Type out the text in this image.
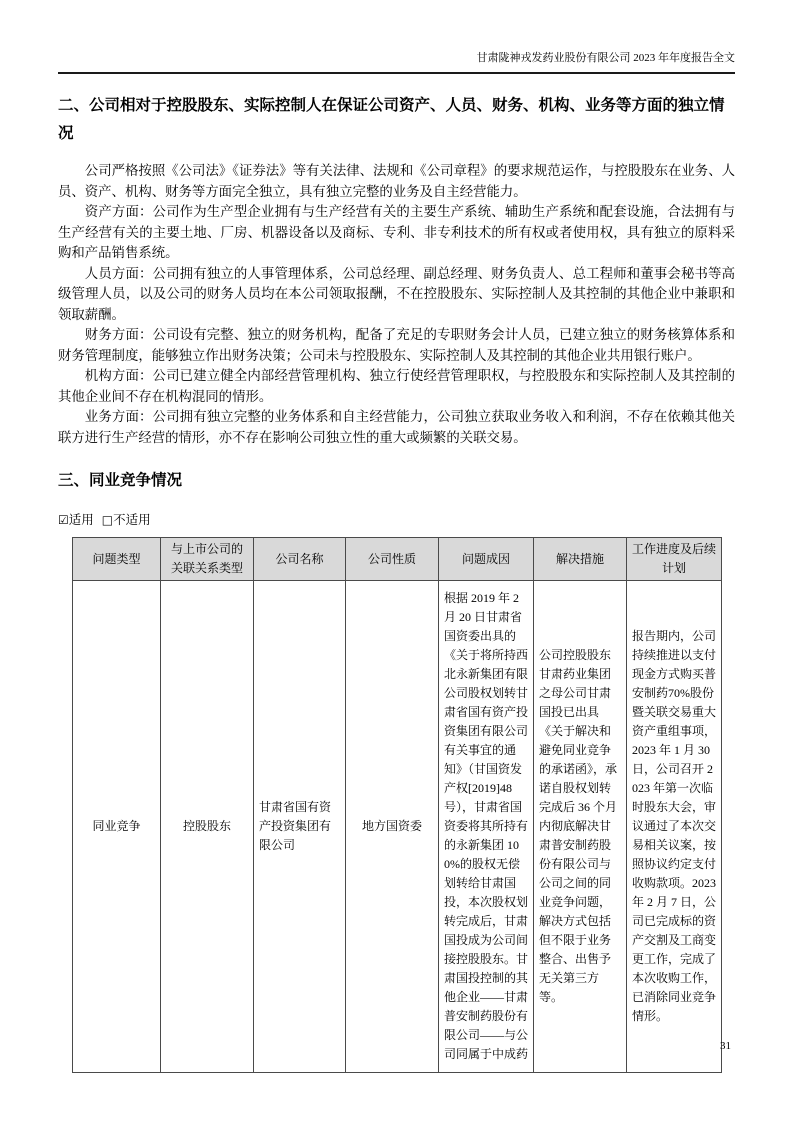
甘肃陇神戎发药业股份有限公司 2023 年年度报告全文
二、公司相对于控股股东、实际控制人在保证公司资产、人员、财务、机构、业务等方面的独立情况

公司严格按照《公司法》《证券法》等有关法律、法规和《公司章程》的要求规范运作，与控股股东在业务、人员、资产、机构、财务等方面完全独立，具有独立完整的业务及自主经营能力。

资产方面：公司作为生产型企业拥有与生产经营有关的主要生产系统、辅助生产系统和配套设施，合法拥有与生产经营有关的主要土地、厂房、机器设备以及商标、专利、非专利技术的所有权或者使用权，具有独立的原料采购和产品销售系统。

人员方面：公司拥有独立的人事管理体系，公司总经理、副总经理、财务负责人、总工程师和董事会秘书等高级管理人员，以及公司的财务人员均在本公司领取报酬，不在控股股东、实际控制人及其控制的其他企业中兼职和领取薪酬。

财务方面：公司设有完整、独立的财务机构，配备了充足的专职财务会计人员，已建立独立的财务核算体系和财务管理制度，能够独立作出财务决策；公司未与控股股东、实际控制人及其控制的其他企业共用银行账户。

机构方面：公司已建立健全内部经营管理机构、独立行使经营管理职权，与控股股东和实际控制人及其控制的其他企业间不存在机构混同的情形。

业务方面：公司拥有独立完整的业务体系和自主经营能力，公司独立获取业务收入和利润，不存在依赖其他关联方进行生产经营的情形，亦不存在影响公司独立性的重大或频繁的关联交易。

三、同业竞争情况
☑适用 □不适用
问题类型	与上市公司的关联关系类型	公司名称	公司性质	问题成因	解决措施	工作进度及后续计划
同业竞争	控股股东	甘肃省国有资产投资集团有限公司	地方国资委	根据 2019 年 2 月 20 日甘肃省国资委出具的《关于将所持西北永新集团有限公司股权划转甘肃省国有资产投资集团有限公司有关事宜的通知》（甘国资发产权[2019]48 号），甘肃省国资委将其所持有的永新集团 100%的股权无偿划转给甘肃国投，本次股权划转完成后，甘肃国投成为公司间接控股股东。甘肃国投控制的其他企业——甘肃普安制药股份有限公司——与公司同属于中成药	公司控股股东甘肃药业集团之母公司甘肃国投已出具《关于解决和避免同业竞争的承诺函》，承诺自股权划转完成后 36 个月内彻底解决甘肃普安制药股份有限公司与公司之间的同业竞争问题，解决方式包括但不限于业务整合、出售予无关第三方等。	报告期内，公司持续推进以支付现金方式购买普安制药70%股份暨关联交易重大资产重组事项，2023 年 1 月 30 日，公司召开 2023 年第一次临时股东大会，审议通过了本次交易相关议案，按照协议约定支付收购款项。2023 年 2 月 7 日，公司已完成标的资产交割及工商变更工作，完成了本次收购工作，已消除同业竞争情形。
31
